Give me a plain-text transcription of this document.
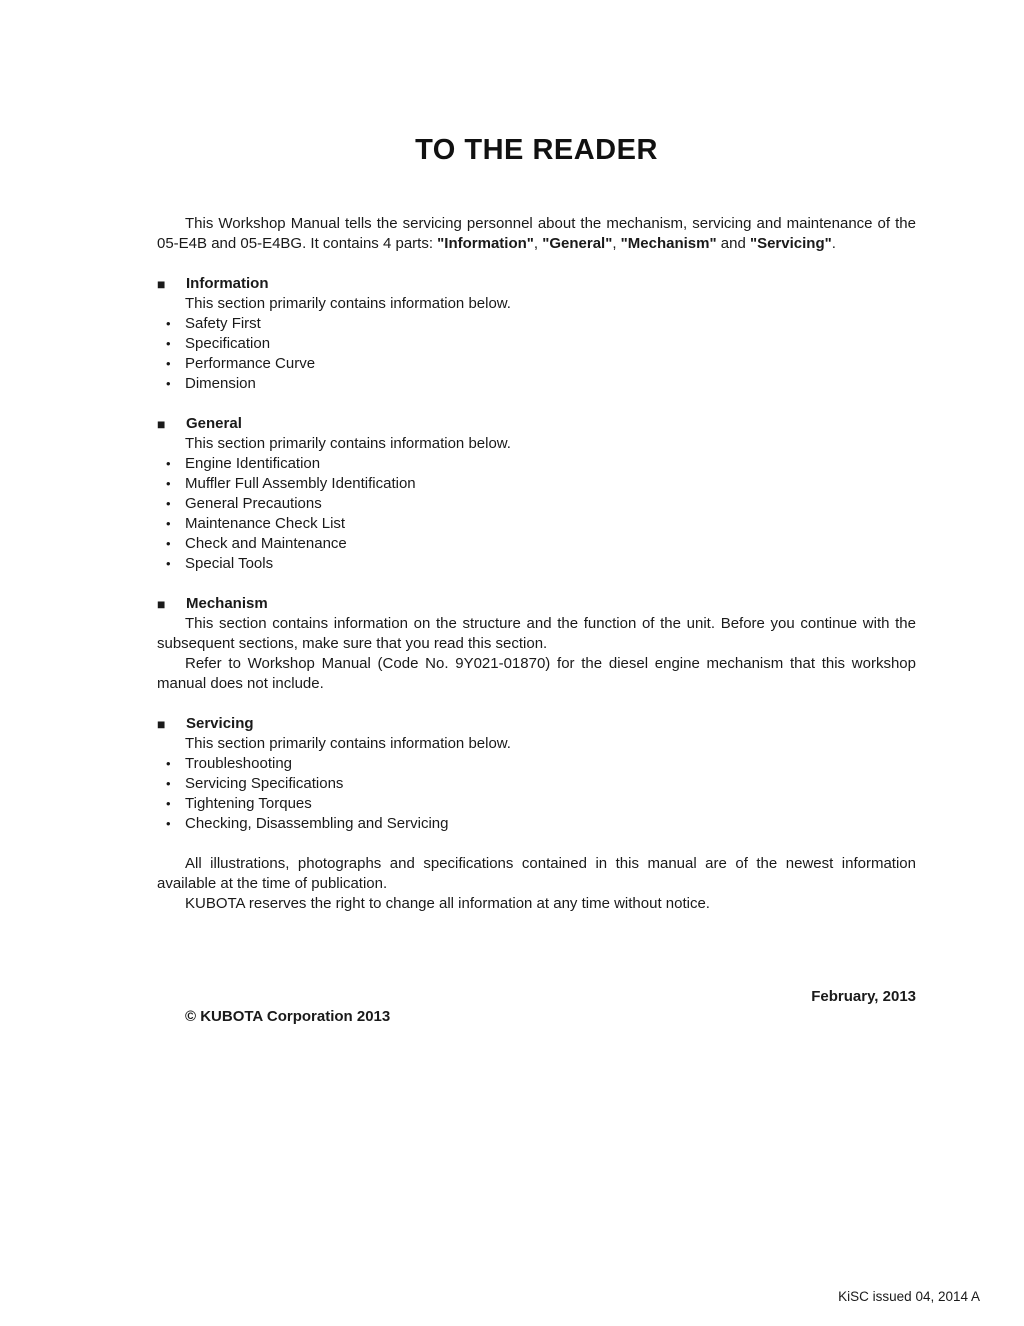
TO THE READER

This Workshop Manual tells the servicing personnel about the mechanism, servicing and maintenance of the 05-E4B and 05-E4BG. It contains 4 parts: "Information", "General", "Mechanism" and "Servicing".

■ Information

This section primarily contains information below.

• Safety First
• Specification
• Performance Curve
• Dimension
■ General

This section primarily contains information below.

• Engine Identification
• Muffler Full Assembly Identification
• General Precautions
• Maintenance Check List
• Check and Maintenance
• Special Tools
■ Mechanism

This section contains information on the structure and the function of the unit. Before you continue with the subsequent sections, make sure that you read this section.

Refer to Workshop Manual (Code No. 9Y021-01870) for the diesel engine mechanism that this workshop manual does not include.

■ Servicing

This section primarily contains information below.

• Troubleshooting
• Servicing Specifications
• Tightening Torques
• Checking, Disassembling and Servicing

All illustrations, photographs and specifications contained in this manual are of the newest information available at the time of publication.

KUBOTA reserves the right to change all information at any time without notice.

February, 2013

© KUBOTA Corporation 2013

KiSC issued 04, 2014 A
